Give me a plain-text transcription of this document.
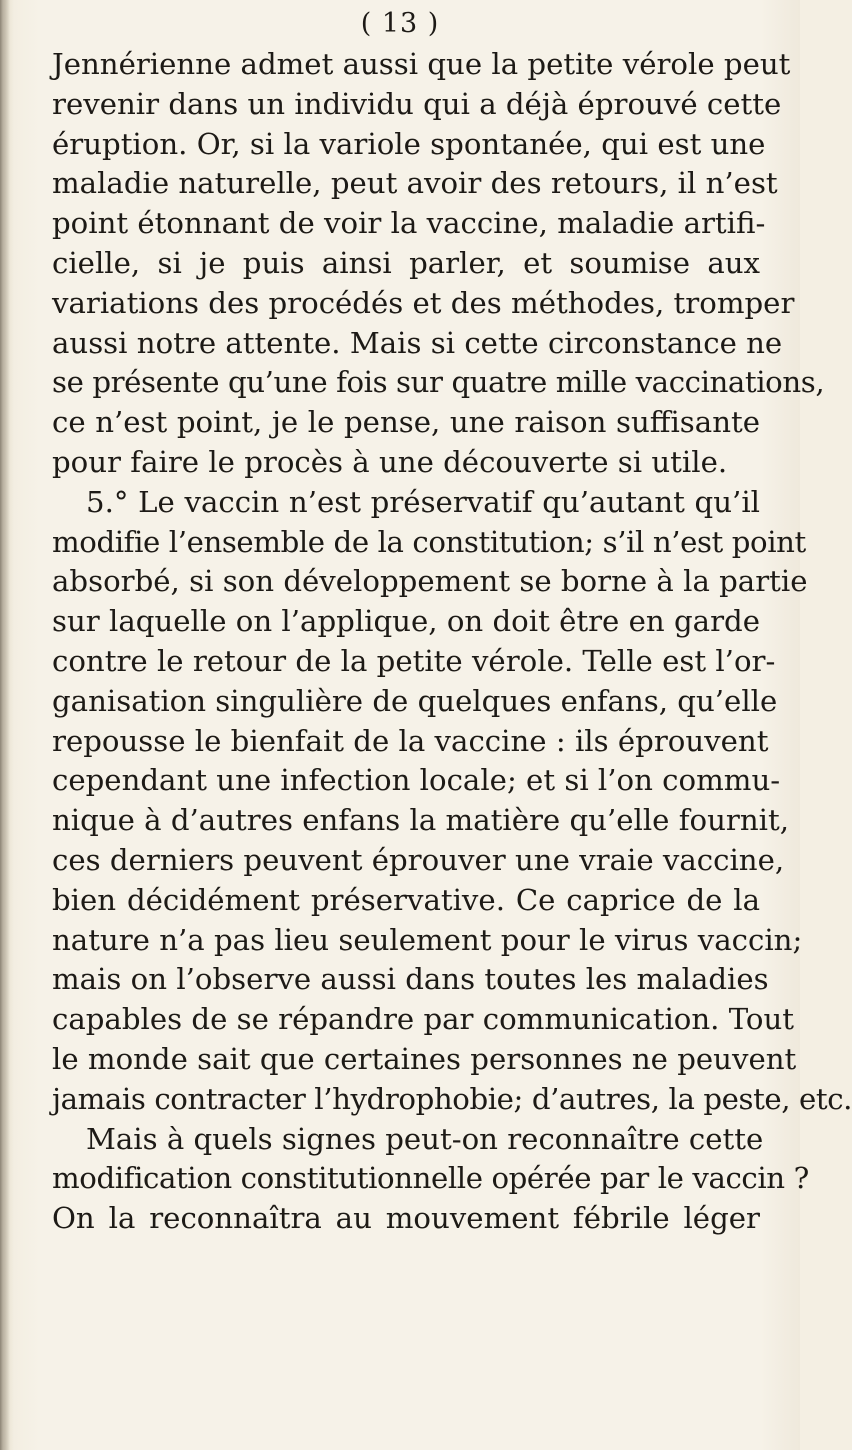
( 13 )
Jennérienne admet aussi que la petite vérole peut
revenir dans un individu qui a déjà éprouvé cette
éruption. Or, si la variole spontanée, qui est une
maladie naturelle, peut avoir des retours, il n’est
point étonnant de voir la vaccine, maladie artifi-
cielle, si je puis ainsi parler, et soumise aux
variations des procédés et des méthodes, tromper
aussi notre attente. Mais si cette circonstance ne
se présente qu’une fois sur quatre mille vaccinations,
ce n’est point, je le pense, une raison suffisante
pour faire le procès à une découverte si utile.
5.° Le vaccin n’est préservatif qu’autant qu’il
modifie l’ensemble de la constitution; s’il n’est point
absorbé, si son développement se borne à la partie
sur laquelle on l’applique, on doit être en garde
contre le retour de la petite vérole. Telle est l’or-
ganisation singulière de quelques enfans, qu’elle
repousse le bienfait de la vaccine : ils éprouvent
cependant une infection locale; et si l’on commu-
nique à d’autres enfans la matière qu’elle fournit,
ces derniers peuvent éprouver une vraie vaccine,
bien décidément préservative. Ce caprice de la
nature n’a pas lieu seulement pour le virus vaccin;
mais on l’observe aussi dans toutes les maladies
capables de se répandre par communication. Tout
le monde sait que certaines personnes ne peuvent
jamais contracter l’hydrophobie; d’autres, la peste, etc.
Mais à quels signes peut-on reconnaître cette
modification constitutionnelle opérée par le vaccin ?
On la reconnaîtra au mouvement fébrile léger
